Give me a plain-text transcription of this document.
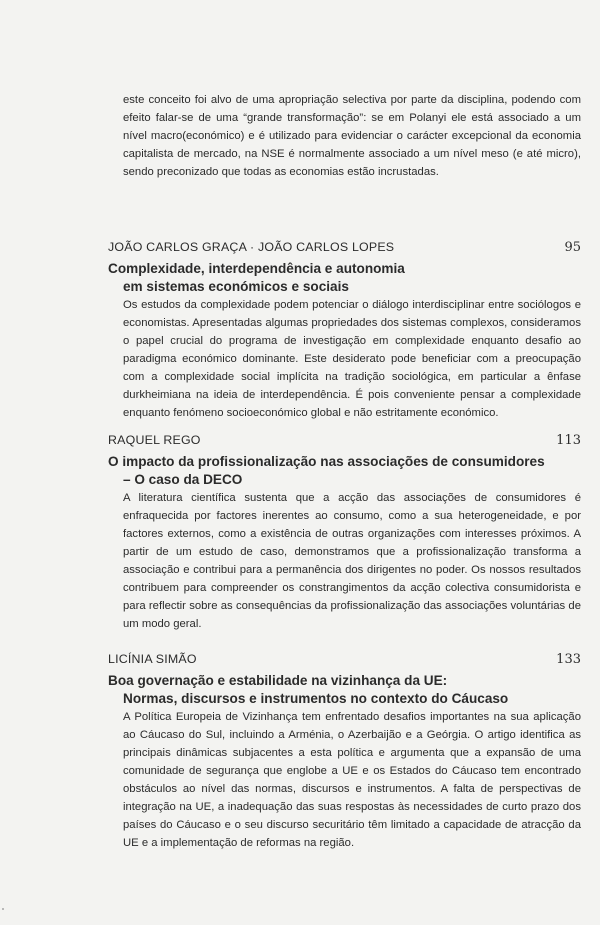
este conceito foi alvo de uma apropriação selectiva por parte da disciplina, podendo com efeito falar-se de uma “grande transformação”: se em Polanyi ele está associado a um nível macro(económico) e é utilizado para evidenciar o carácter excepcional da economia capitalista de mercado, na NSE é normalmente associado a um nível meso (e até micro), sendo preconizado que todas as economias estão incrustadas.

JOÃO CARLOS GRAÇA · JOÃO CARLOS LOPES	95
Complexidade, interdependência e autonomia
em sistemas económicos e sociais

Os estudos da complexidade podem potenciar o diálogo interdisciplinar entre sociólogos e economistas. Apresentadas algumas propriedades dos sistemas complexos, consideramos o papel crucial do programa de investigação em complexidade enquanto desafio ao paradigma económico dominante. Este desiderato pode beneficiar com a preocupação com a complexidade social implícita na tradição sociológica, em particular a ênfase durkheimiana na ideia de interdependência. É pois conveniente pensar a complexidade enquanto fenómeno socioeconómico global e não estritamente económico.

RAQUEL REGO	113
O impacto da profissionalização nas associações de consumidores
– O caso da DECO

A literatura científica sustenta que a acção das associações de consumidores é enfraquecida por factores inerentes ao consumo, como a sua heterogeneidade, e por factores externos, como a existência de outras organizações com interesses próximos. A partir de um estudo de caso, demonstramos que a profissionalização transforma a associação e contribui para a permanência dos dirigentes no poder. Os nossos resultados contribuem para compreender os constrangimentos da acção colectiva consumidorista e para reflectir sobre as consequências da profissionalização das associações voluntárias de um modo geral.

LICÍNIA SIMÃO	133
Boa governação e estabilidade na vizinhança da UE:
Normas, discursos e instrumentos no contexto do Cáucaso

A Política Europeia de Vizinhança tem enfrentado desafios importantes na sua aplicação ao Cáucaso do Sul, incluindo a Arménia, o Azerbaijão e a Geórgia. O artigo identifica as principais dinâmicas subjacentes a esta política e argumenta que a expansão de uma comunidade de segurança que englobe a UE e os Estados do Cáucaso tem encontrado obstáculos ao nível das normas, discursos e instrumentos. A falta de perspectivas de integração na UE, a inadequação das suas respostas às necessidades de curto prazo dos países do Cáucaso e o seu discurso securitário têm limitado a capacidade de atracção da UE e a implementação de reformas na região.
